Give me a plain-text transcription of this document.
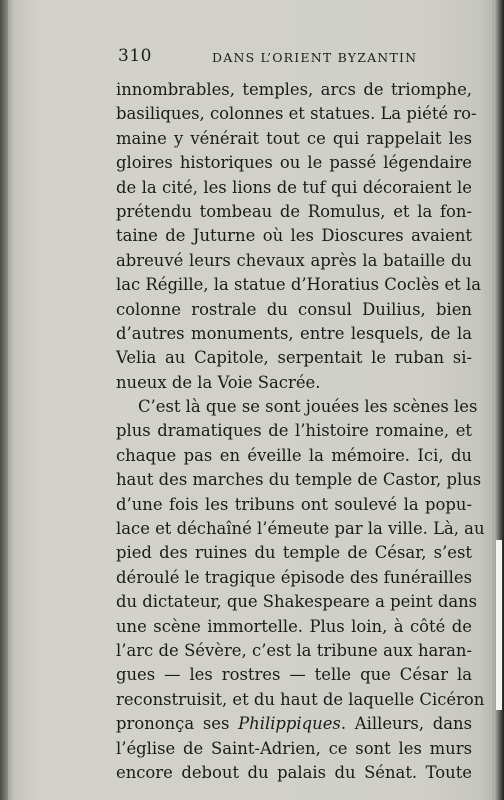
310	DANS L’ORIENT BYZANTIN
innombrables, temples, arcs de triomphe,
basiliques, colonnes et statues. La piété ro-
maine y vénérait tout ce qui rappelait les
gloires historiques ou le passé légendaire
de la cité, les lions de tuf qui décoraient le
prétendu tombeau de Romulus, et la fon-
taine de Juturne où les Dioscures avaient
abreuvé leurs chevaux après la bataille du
lac Régille, la statue d’Horatius Coclès et la
colonne rostrale du consul Duilius, bien
d’autres monuments, entre lesquels, de la
Velia au Capitole, serpentait le ruban si-
nueux de la Voie Sacrée.
C’est là que se sont jouées les scènes les
plus dramatiques de l’histoire romaine, et
chaque pas en éveille la mémoire. Ici, du
haut des marches du temple de Castor, plus
d’une fois les tribuns ont soulevé la popu-
lace et déchaîné l’émeute par la ville. Là, au
pied des ruines du temple de César, s’est
déroulé le tragique épisode des funérailles
du dictateur, que Shakespeare a peint dans
une scène immortelle. Plus loin, à côté de
l’arc de Sévère, c’est la tribune aux haran-
gues — les rostres — telle que César la
reconstruisit, et du haut de laquelle Cicéron
prononça ses Philippiques. Ailleurs, dans
l’église de Saint-Adrien, ce sont les murs
encore debout du palais du Sénat. Toute
